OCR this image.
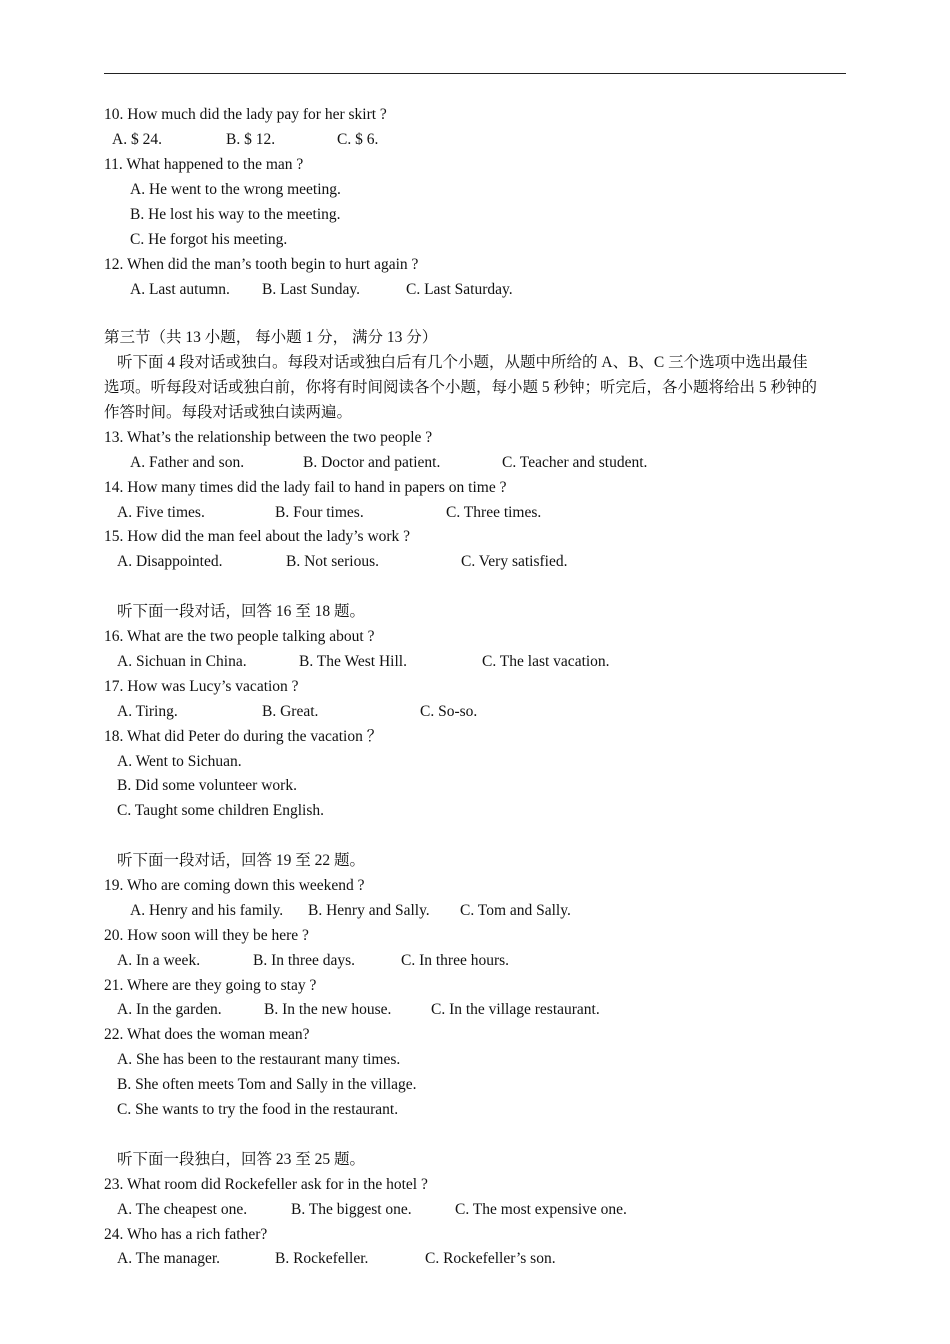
10. How much did the lady pay for her skirt ?
A. $ 24.	B. $ 12.	C. $ 6.
11. What happened to the man ?
A. He went to the wrong meeting.
B. He lost his way to the meeting.
C. He forgot his meeting.
12. When did the man’s tooth begin to hurt again ?
A. Last autumn. B. Last Sunday.	C. Last Saturday.
第三节（共 13 小题， 每小题 1 分， 满分 13 分）
听下面 4 段对话或独白。每段对话或独白后有几个小题，从题中所给的 A、B、C 三个选项中选出最佳
选项。听每段对话或独白前，你将有时间阅读各个小题，每小题 5 秒钟；听完后，各小题将给出 5 秒钟的
作答时间。每段对话或独白读两遍。
13. What’s the relationship between the two people ?
A. Father and son.	B. Doctor and patient.	C. Teacher and student.
14. How many times did the lady fail to hand in papers on time ?
A. Five times.	B. Four times.	C. Three times.
15. How did the man feel about the lady’s work ?
A. Disappointed.	B. Not serious.	C. Very satisfied.
听下面一段对话，回答 16 至 18 题。
16. What are the two people talking about ?
A. Sichuan in China.	B. The West Hill.	C. The last vacation.
17. How was Lucy’s vacation ?
A. Tiring.	B. Great.	C. So-so.
18. What did Peter do during the vacation ？
A. Went to Sichuan.
B. Did some volunteer work.
C. Taught some children English.
听下面一段对话，回答 19 至 22 题。
19. Who are coming down this weekend ?
A. Henry and his family. B. Henry and Sally. C. Tom and Sally.
20. How soon will they be here ?
A. In a week.	B. In three days.	C. In three hours.
21. Where are they going to stay ?
A. In the garden.	B. In the new house.	C. In the village restaurant.
22. What does the woman mean?
A. She has been to the restaurant many times.
B. She often meets Tom and Sally in the village.
C. She wants to try the food in the restaurant.
听下面一段独白，回答 23 至 25 题。
23. What room did Rockefeller ask for in the hotel ?
A. The cheapest one.	B. The biggest one.	C. The most expensive one.
24. Who has a rich father?
A. The manager.	B. Rockefeller.	C. Rockefeller’s son.
